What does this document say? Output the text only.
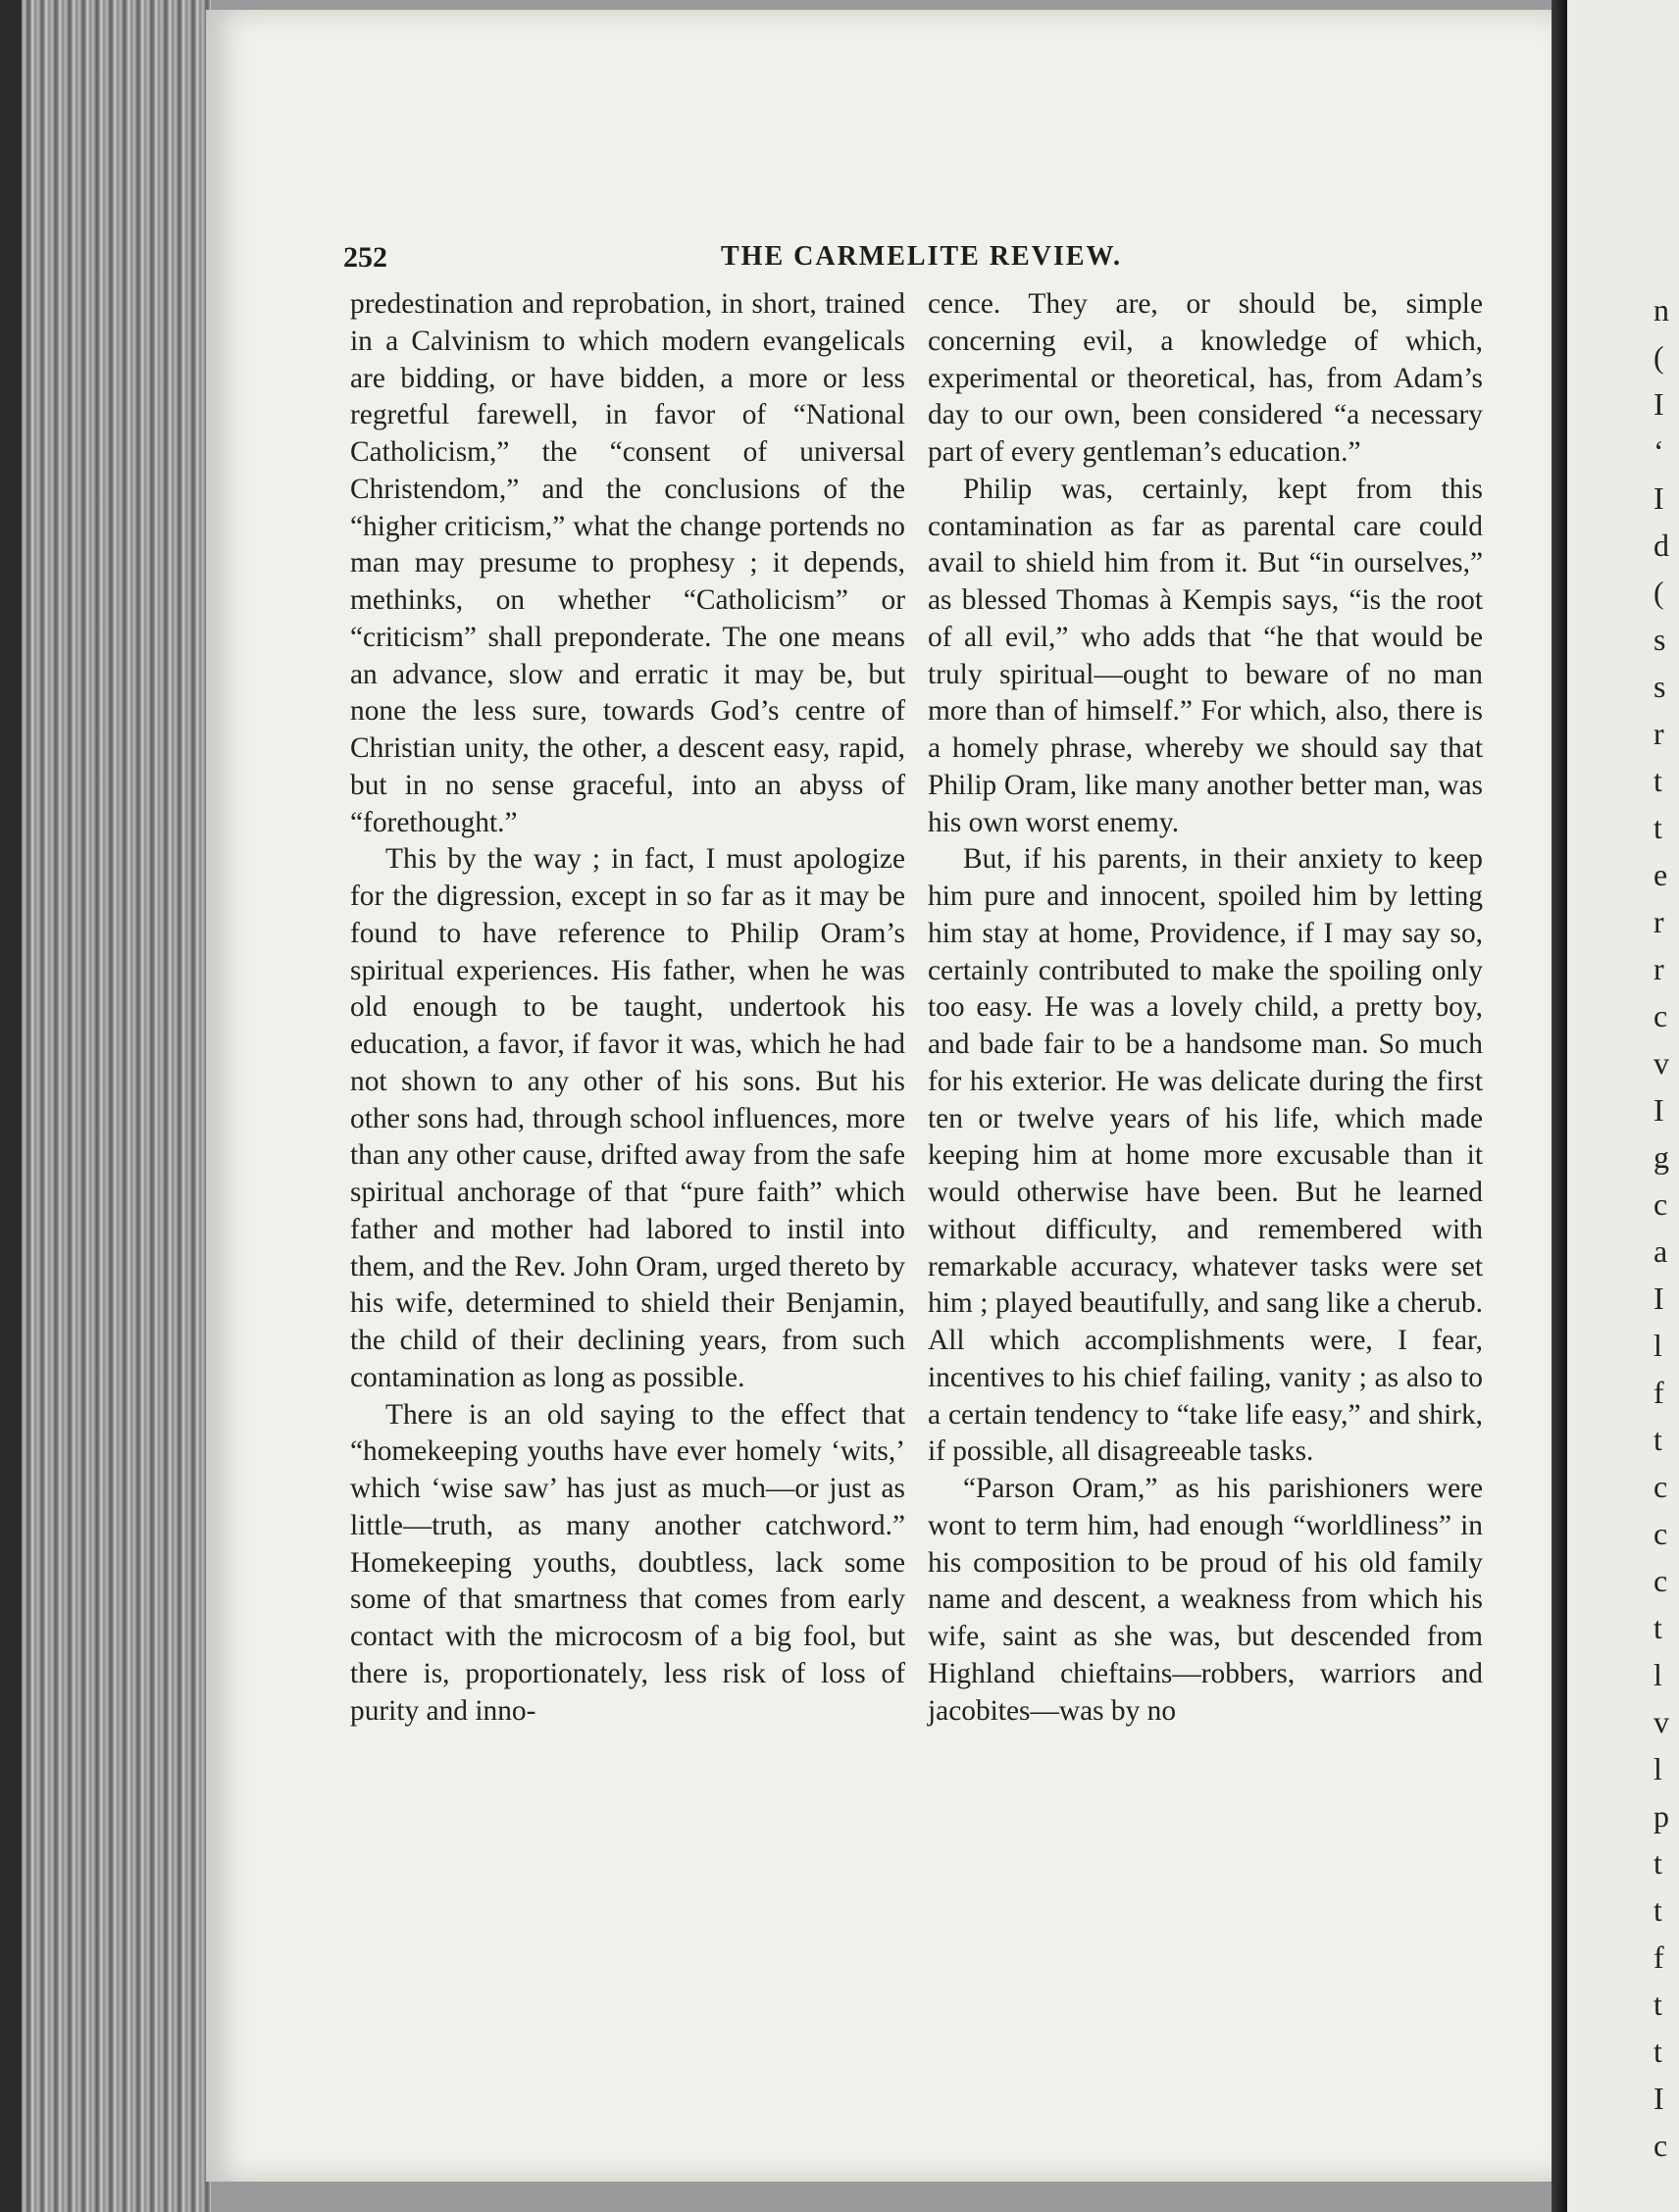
252	THE CARMELITE REVIEW.

predestination and reprobation, in short, trained in a Calvinism to which modern evangelicals are bidding, or have bidden, a more or less regretful farewell, in favor of “National Catholicism,” the “consent of universal Christendom,” and the conclusions of the “higher criticism,” what the change portends no man may presume to prophesy ; it depends, methinks, on whether “Catholicism” or “criticism” shall preponderate. The one means an advance, slow and erratic it may be, but none the less sure, towards God’s centre of Christian unity, the other, a descent easy, rapid, but in no sense graceful, into an abyss of “forethought.”

This by the way ; in fact, I must apologize for the digression, except in so far as it may be found to have reference to Philip Oram’s spiritual experiences. His father, when he was old enough to be taught, undertook his education, a favor, if favor it was, which he had not shown to any other of his sons. But his other sons had, through school influences, more than any other cause, drifted away from the safe spiritual anchorage of that “pure faith” which father and mother had labored to instil into them, and the Rev. John Oram, urged thereto by his wife, determined to shield their Benjamin, the child of their declining years, from such contamination as long as possible.

There is an old saying to the effect that “homekeeping youths have ever homely ‘wits,’ which ‘wise saw’ has just as much—or just as little—truth, as many another catchword.” Homekeeping youths, doubtless, lack some some of that smartness that comes from early contact with the microcosm of a big fool, but there is, proportionately, less risk of loss of purity and inno-

cence. They are, or should be, simple concerning evil, a knowledge of which, experimental or theoretical, has, from Adam’s day to our own, been considered “a necessary part of every gentleman’s education.”

Philip was, certainly, kept from this contamination as far as parental care could avail to shield him from it. But “in ourselves,” as blessed Thomas à Kempis says, “is the root of all evil,” who adds that “he that would be truly spiritual—ought to beware of no man more than of himself.” For which, also, there is a homely phrase, whereby we should say that Philip Oram, like many another better man, was his own worst enemy.

But, if his parents, in their anxiety to keep him pure and innocent, spoiled him by letting him stay at home, Providence, if I may say so, certainly contributed to make the spoiling only too easy. He was a lovely child, a pretty boy, and bade fair to be a handsome man. So much for his exterior. He was delicate during the first ten or twelve years of his life, which made keeping him at home more excusable than it would otherwise have been. But he learned without difficulty, and remembered with remarkable accuracy, whatever tasks were set him ; played beautifully, and sang like a cherub. All which accomplishments were, I fear, incentives to his chief failing, vanity ; as also to a certain tendency to “take life easy,” and shirk, if possible, all disagreeable tasks.

“Parson Oram,” as his parishioners were wont to term him, had enough “worldliness” in his composition to be proud of his old family name and descent, a weakness from which his wife, saint as she was, but descended from Highland chieftains—robbers, warriors and jacobites—was by no

n
(
I
‘
I
d
(
s
s
r
t
t
e
r
r
c
v
I
g
c
a
I
l
f
t
c
c
c
t
l
v
l
p
t
t
f
t
t
I
c
